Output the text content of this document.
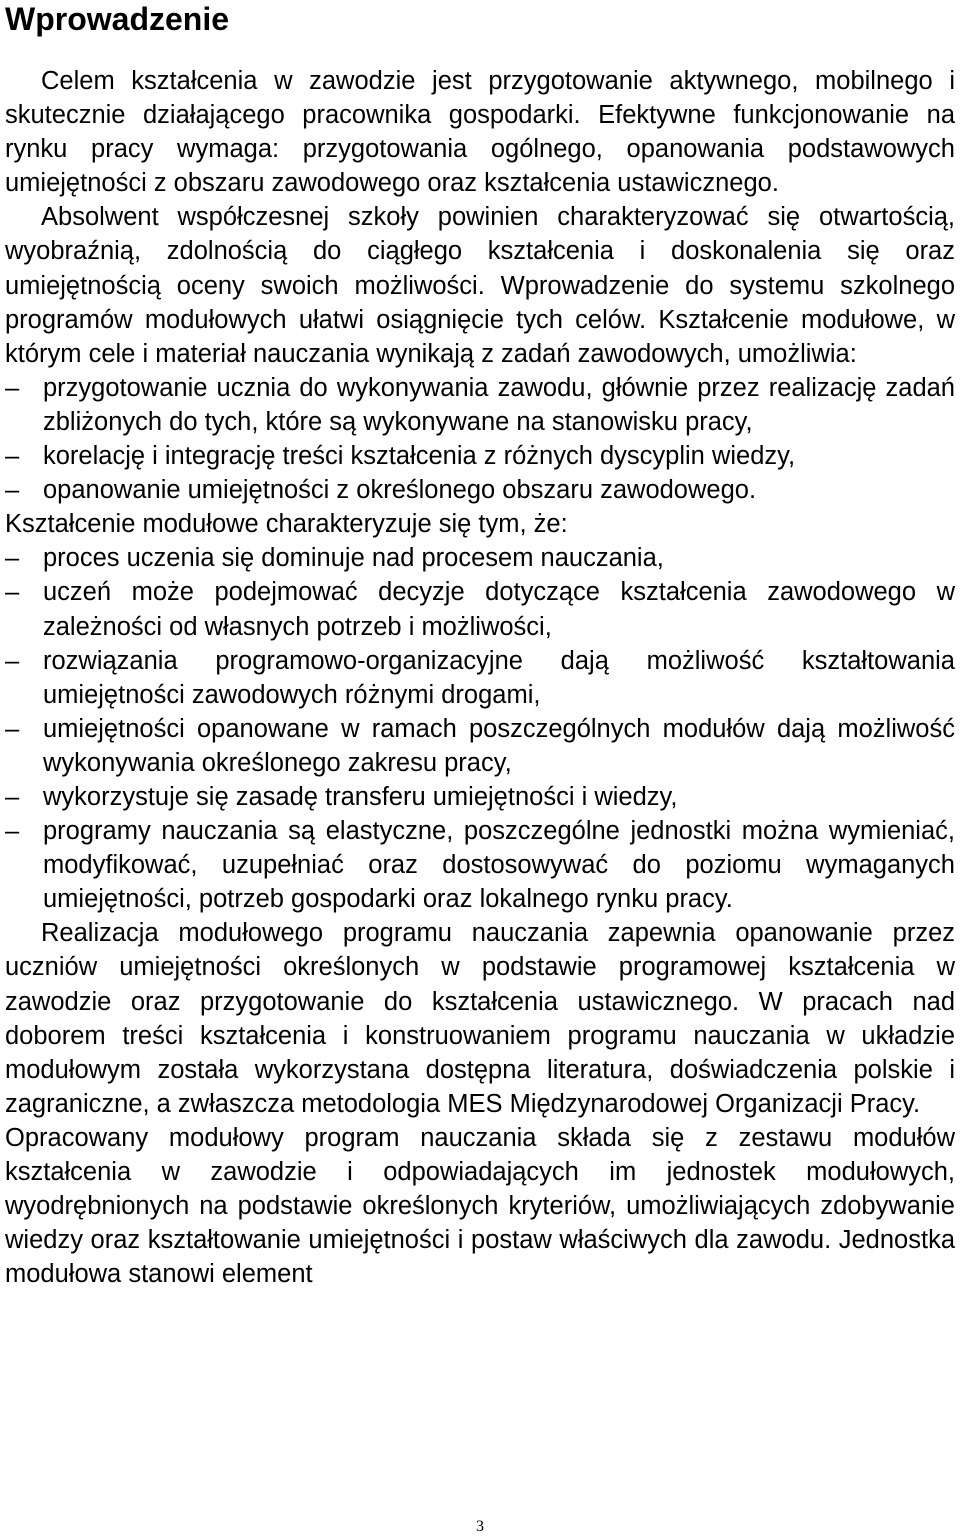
Wprowadzenie

Celem kształcenia w zawodzie jest przygotowanie aktywnego, mobilnego i skutecznie działającego pracownika gospodarki. Efektywne funkcjonowanie na rynku pracy wymaga: przygotowania ogólnego, opanowania podstawowych umiejętności z obszaru zawodowego oraz kształcenia ustawicznego.

Absolwent współczesnej szkoły powinien charakteryzować się otwartością, wyobraźnią, zdolnością do ciągłego kształcenia i doskonalenia się oraz umiejętnością oceny swoich możliwości. Wprowadzenie do systemu szkolnego programów modułowych ułatwi osiągnięcie tych celów. Kształcenie modułowe, w którym cele i materiał nauczania wynikają z zadań zawodowych, umożliwia:

– przygotowanie ucznia do wykonywania zawodu, głównie przez realizację zadań zbliżonych do tych, które są wykonywane na stanowisku pracy,
– korelację i integrację treści kształcenia z różnych dyscyplin wiedzy,
– opanowanie umiejętności z określonego obszaru zawodowego.

Kształcenie modułowe charakteryzuje się tym, że:

– proces uczenia się dominuje nad procesem nauczania,
– uczeń może podejmować decyzje dotyczące kształcenia zawodowego w zależności od własnych potrzeb i możliwości,
– rozwiązania programowo-organizacyjne dają możliwość kształtowania umiejętności zawodowych różnymi drogami,
– umiejętności opanowane w ramach poszczególnych modułów dają możliwość wykonywania określonego zakresu pracy,
– wykorzystuje się zasadę transferu umiejętności i wiedzy,
– programy nauczania są elastyczne, poszczególne jednostki można wymieniać, modyfikować, uzupełniać oraz dostosowywać do poziomu wymaganych umiejętności, potrzeb gospodarki oraz lokalnego rynku pracy.

Realizacja modułowego programu nauczania zapewnia opanowanie przez uczniów umiejętności określonych w podstawie programowej kształcenia w zawodzie oraz przygotowanie do kształcenia ustawicznego. W pracach nad doborem treści kształcenia i konstruowaniem programu nauczania w układzie modułowym została wykorzystana dostępna literatura, doświadczenia polskie i zagraniczne, a zwłaszcza metodologia MES Międzynarodowej Organizacji Pracy.

Opracowany modułowy program nauczania składa się z zestawu modułów kształcenia w zawodzie i odpowiadających im jednostek modułowych, wyodrębnionych na podstawie określonych kryteriów, umożliwiających zdobywanie wiedzy oraz kształtowanie umiejętności i postaw właściwych dla zawodu. Jednostka modułowa stanowi element

3
